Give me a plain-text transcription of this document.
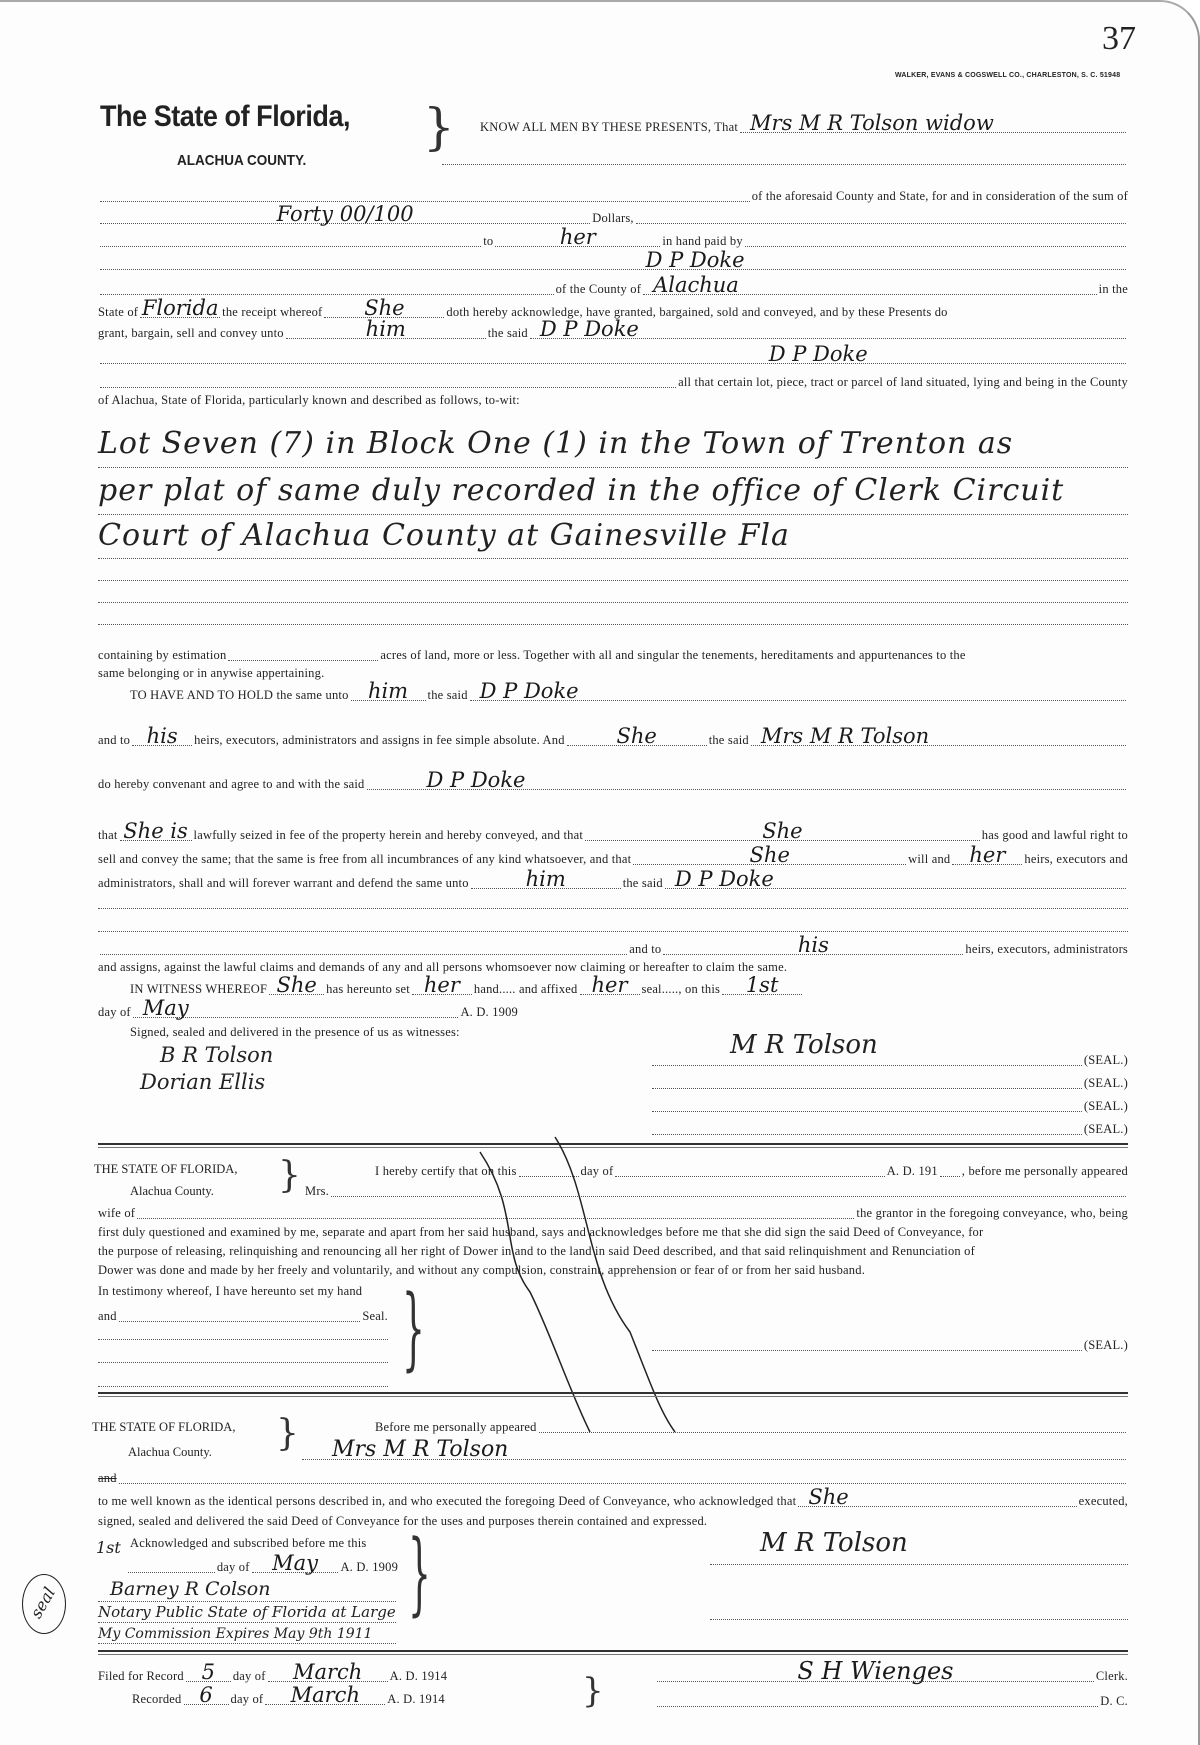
37
WALKER, EVANS & COGSWELL CO., CHARLESTON, S. C. 51948
The State of Florida,
ALACHUA COUNTY.
} KNOW ALL MEN BY THESE PRESENTS, That Mrs M R Tolson widow
of the aforesaid County and State, for and in consideration of the sum of
Forty 00/100	Dollars,
to	her	in hand paid by
D P Doke
of the County of Alachua	in the
State of Florida the receipt whereof She	doth hereby acknowledge, have granted, bargained, sold and conveyed, and by these Presents do
grant, bargain, sell and convey unto	him	the said D P Doke
D P Doke
all that certain lot, piece, tract or parcel of land situated, lying and being in the County
of Alachua, State of Florida, particularly known and described as follows, to-wit:
Lot Seven (7) in Block One (1) in the Town of Trenton as
per plat of same duly recorded in the office of Clerk Circuit
Court of Alachua County at Gainesville Fla
containing by estimation	acres of land, more or less. Together with all and singular the tenements, hereditaments and appurtenances to the
same belonging or in anywise appertaining.
TO HAVE AND TO HOLD the same unto him the said D P Doke
and to his heirs, executors, administrators and assigns in fee simple absolute. And She	the said Mrs M R Tolson
do hereby convenant and agree to and with the said	D P Doke
that She is lawfully seized in fee of the property herein and hereby conveyed, and that	She	has good and lawful right to
sell and convey the same; that the same is free from all incumbrances of any kind whatsoever, and that	She	will and her heirs, executors and
administrators, shall and will forever warrant and defend the same unto	him	the said D P Doke
and to	his	heirs, executors, administrators
and assigns, against the lawful claims and demands of any and all persons whomsoever now claiming or hereafter to claim the same.
IN WITNESS WHEREOF She has hereunto set her hand..... and affixed her seal....., on this 1st
day of May	A. D. 190 9
Signed, sealed and delivered in the presence of us as witnesses:
B R Tolson
Dorian Ellis
M R Tolson	(SEAL.)
(SEAL.)
(SEAL.)
(SEAL.)
THE STATE OF FLORIDA,
Alachua County. }	I hereby certify that on this	day of	A. D. 191 , before me personally appeared
Mrs.
wife of	the grantor in the foregoing conveyance, who, being
first duly questioned and examined by me, separate and apart from her said husband, says and acknowledges before me that she did sign the said Deed of Conveyance, for
the purpose of releasing, relinquishing and renouncing all her right of Dower in and to the land in said Deed described, and that said relinquishment and Renunciation of
Dower was done and made by her freely and voluntarily, and without any compulsion, constraint, apprehension or fear of or from her said husband.
In testimony whereof, I have hereunto set my hand
and	Seal. }	(SEAL.)
THE STATE OF FLORIDA,
Alachua County. }	Before me personally appeared
Mrs M R Tolson
and
to me well known as the identical persons described in, and who executed the foregoing Deed of Conveyance, who acknowledged that She	executed,
signed, sealed and delivered the said Deed of Conveyance for the uses and purposes therein contained and expressed.
Acknowledged and subscribed before me this
1st
day of May A. D. 190 9
Barney R Colson
Notary Public State of Florida at Large
My Commission Expires May 9th 1911
seal	}	M R Tolson
Filed for Record 5 day of March A. D. 191 4
Recorded 6 day of March A. D. 191 4	}	S H Wienges	Clerk.
D. C.
